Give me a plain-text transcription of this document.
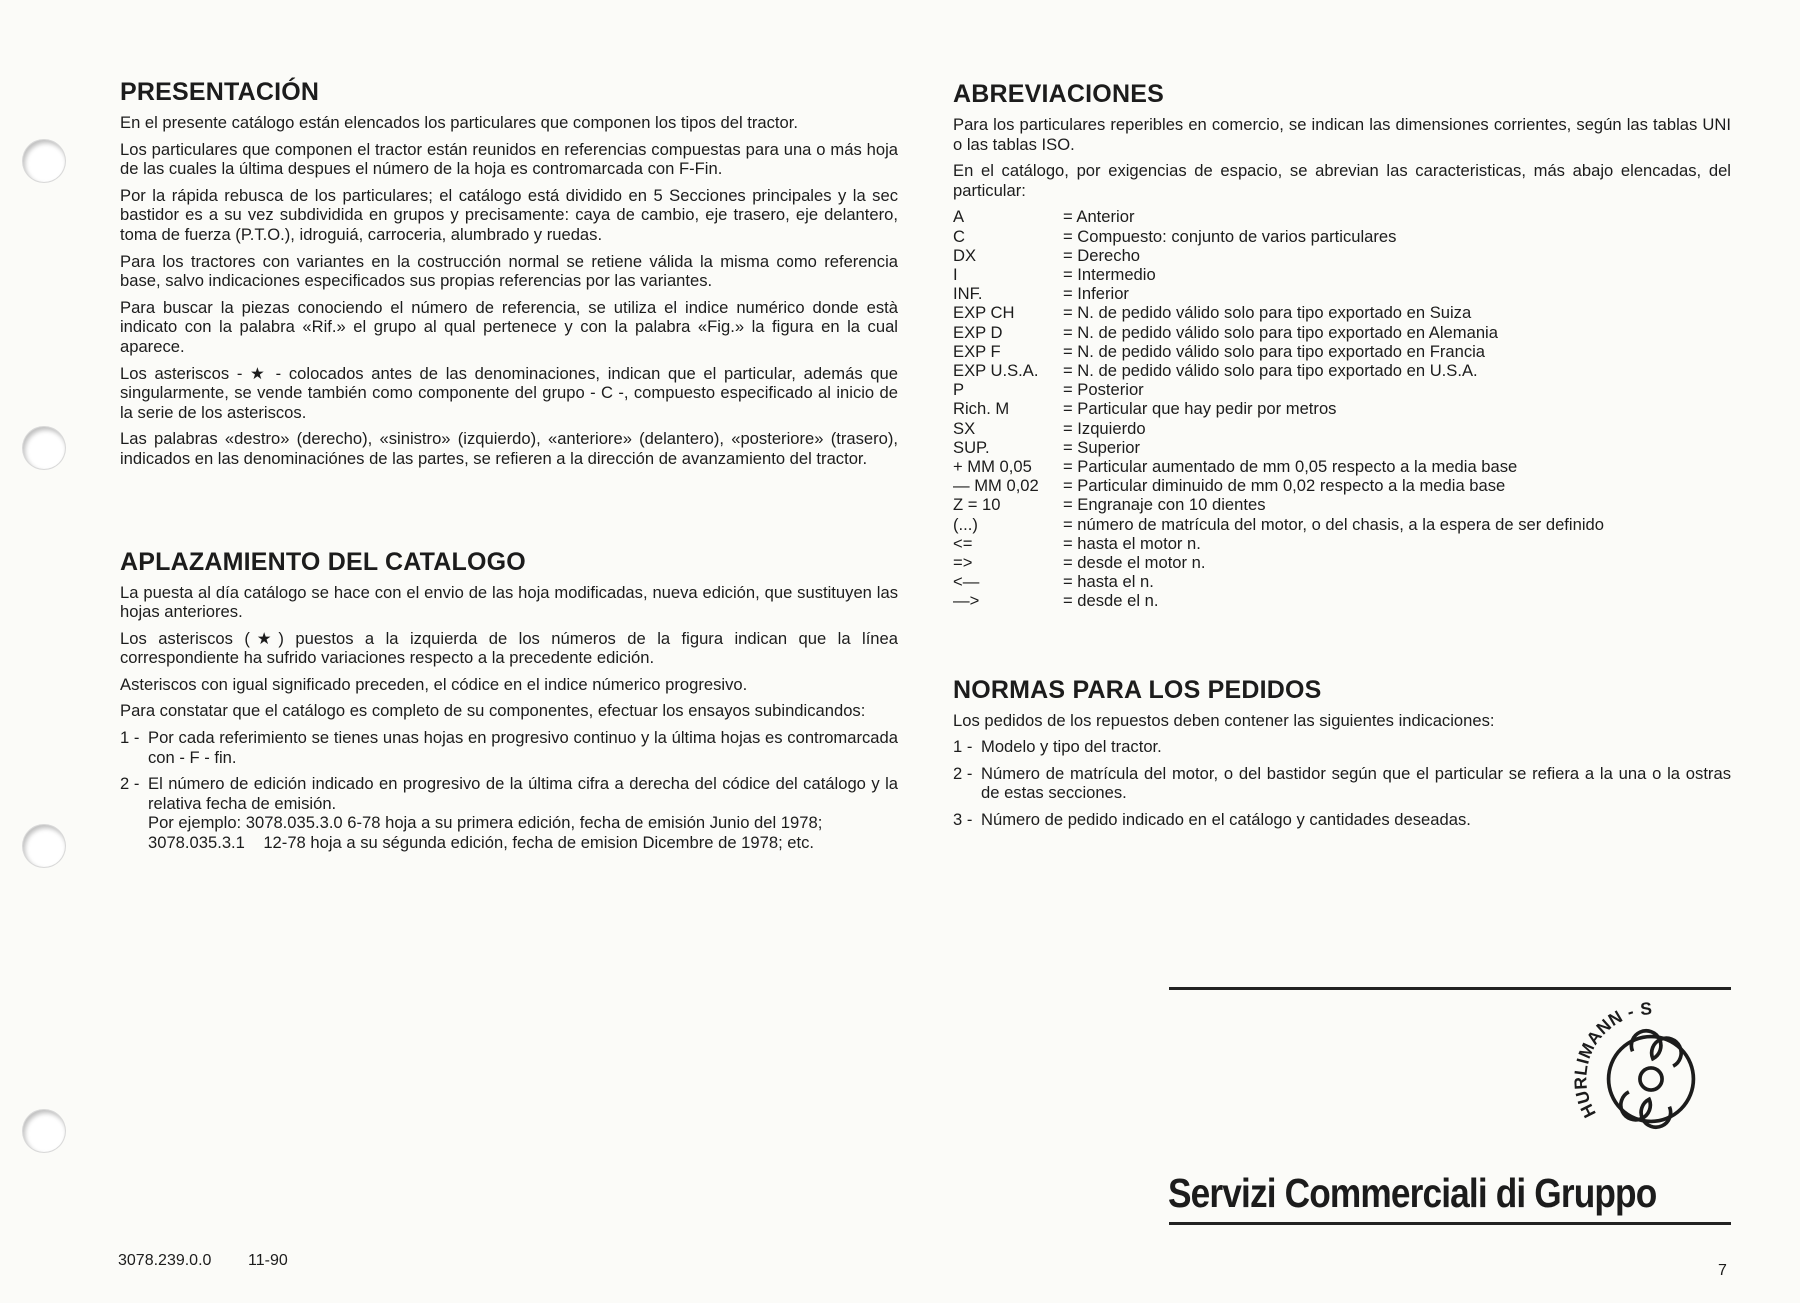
PRESENTACIÓN

En el presente catálogo están elencados los particulares que componen los tipos del tractor.

Los particulares que componen el tractor están reunidos en referencias compuestas para una o más hoja de las cuales la última despues el número de la hoja es contromarcada con F-Fin.

Por la rápida rebusca de los particulares; el catálogo está dividido en 5 Secciones principales y la sec bastidor es a su vez subdividida en grupos y precisamente: caya de cambio, eje trasero, eje delantero, toma de fuerza (P.T.O.), idroguiá, carroceria, alumbrado y ruedas.

Para los tractores con variantes en la costrucción normal se retiene válida la misma como referencia base, salvo indicaciones especificados sus propias referencias por las variantes.

Para buscar la piezas conociendo el número de referencia, se utiliza el indice numérico donde està indicato con la palabra «Rif.» el grupo al qual pertenece y con la palabra «Fig.» la figura en la cual aparece.

Los asteriscos - ★ - colocados antes de las denominaciones, indican que el particular, además que singularmente, se vende también como componente del grupo - C -, compuesto especificado al inicio de la serie de los asteriscos.

Las palabras «destro» (derecho), «sinistro» (izquierdo), «anteriore» (delantero), «posteriore» (trasero), indicados en las denominaciónes de las partes, se refieren a la dirección de avanzamiento del tractor.

APLAZAMIENTO DEL CATALOGO

La puesta al día catálogo se hace con el envio de las hoja modificadas, nueva edición, que sustituyen las hojas anteriores.

Los asteriscos (★) puestos a la izquierda de los números de la figura indican que la línea correspondiente ha sufrido variaciones respecto a la precedente edición.

Asteriscos con igual significado preceden, el códice en el indice númerico progresivo.

Para constatar que el catálogo es completo de su componentes, efectuar los ensayos subindicandos:

1 - Por cada referimiento se tienes unas hojas en progresivo continuo y la última hojas es contromarcada con - F - fin.
2 - El número de edición indicado en progresivo de la última cifra a derecha del códice del catálogo y la relativa fecha de emisión.
Por ejemplo: 3078.035.3.0 6-78 hoja a su primera edición, fecha de emisión Junio del 1978;
3078.035.3.1    12-78 hoja a su ségunda edición, fecha de emision Dicembre de 1978; etc.
ABREVIACIONES

Para los particulares reperibles en comercio, se indican las dimensiones corrientes, según las tablas UNI o las tablas ISO.

En el catálogo, por exigencias de espacio, se abrevian las caracteristicas, más abajo elencadas, del particular:

A	= Anterior
C	= Compuesto: conjunto de varios particulares
DX	= Derecho
I	= Intermedio
INF.	= Inferior
EXP CH	= N. de pedido válido solo para tipo exportado en Suiza
EXP D	= N. de pedido válido solo para tipo exportado en Alemania
EXP F	= N. de pedido válido solo para tipo exportado en Francia
EXP U.S.A.	= N. de pedido válido solo para tipo exportado en U.S.A.
P	= Posterior
Rich. M	= Particular que hay pedir por metros
SX	= Izquierdo
SUP.	= Superior
+ MM 0,05	= Particular aumentado de mm 0,05 respecto a la media base
— MM 0,02	= Particular diminuido de mm 0,02 respecto a la media base
Z = 10	= Engranaje con 10 dientes
(...)	= número de matrícula del motor, o del chasis, a la espera de ser definido
<=	= hasta el motor n.
=>	= desde el motor n.
<—	= hasta el n.
—>	= desde el n.
NORMAS PARA LOS PEDIDOS

Los pedidos de los repuestos deben contener las siguientes indicaciones:

1 - Modelo y tipo del tractor.
2 - Número de matrícula del motor, o del bastidor según que el particular se refiera a la una o la ostras de estas secciones.
3 - Número de pedido indicado en el catálogo y cantidades deseadas.
HURLIMANN - SAME - LAMBORGHINI -
Servizi Commerciali di Gruppo
3078.239.0.0 11-90
7
